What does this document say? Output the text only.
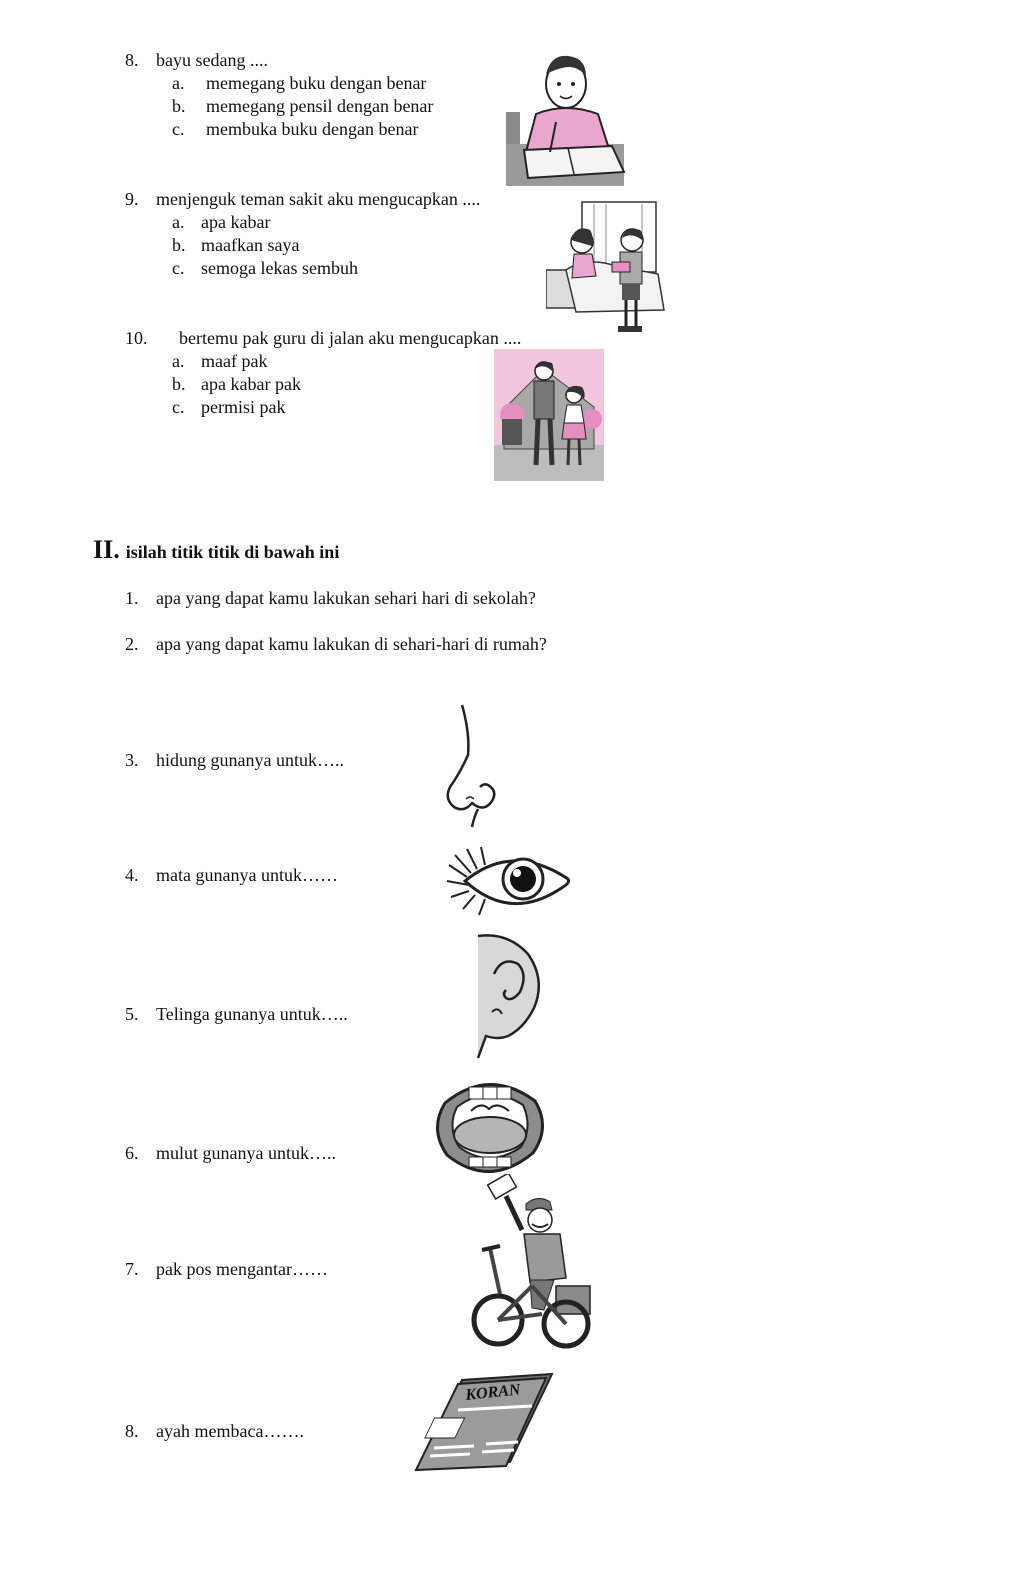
8. bayu sedang ....
a. memegang buku dengan benar
b. memegang pensil dengan benar
c. membuka buku dengan benar
9. menjenguk teman sakit aku mengucapkan ....
a. apa kabar
b. maafkan saya
c. semoga lekas sembuh
10. bertemu pak guru di jalan aku mengucapkan ....
a. maaf pak
b. apa kabar pak
c. permisi pak
II. isilah titik titik di bawah ini
1. apa yang dapat kamu lakukan sehari hari di sekolah?
2. apa yang dapat kamu lakukan di sehari-hari di rumah?
3. hidung gunanya untuk…..
4. mata gunanya untuk……
5. Telinga gunanya untuk…..
6. mulut gunanya untuk…..
7. pak pos mengantar……
8. ayah membaca…….
KORAN
